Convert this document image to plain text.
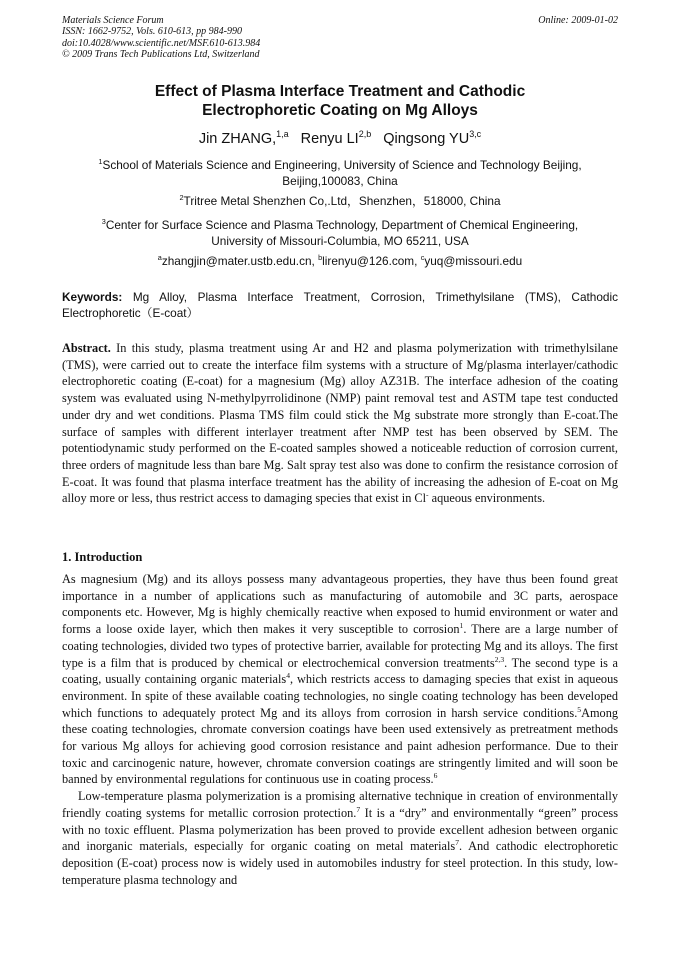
Materials Science Forum
ISSN: 1662-9752, Vols. 610-613, pp 984-990
doi:10.4028/www.scientific.net/MSF.610-613.984
© 2009 Trans Tech Publications Ltd, Switzerland
Online: 2009-01-02
Effect of Plasma Interface Treatment and Cathodic
Electrophoretic Coating on Mg Alloys
Jin ZHANG,$^{1,a}$ Renyu LI$^{2,b}$ Qingsong YU$^{3,c}$
$^1$School of Materials Science and Engineering, University of Science and Technology Beijing,
Beijing,100083, China
$^2$Tritree Metal Shenzhen Co,.Ltd，Shenzhen，518000, China
$^3$Center for Surface Science and Plasma Technology, Department of Chemical Engineering,
University of Missouri-Columbia, MO 65211, USA
$^a$zhangjin@mater.ustb.edu.cn, $^b$lirenyu@126.com, $^c$yuq@missouri.edu
Keywords: Mg Alloy, Plasma Interface Treatment, Corrosion, Trimethylsilane (TMS), Cathodic Electrophoretic（E-coat）

Abstract. In this study, plasma treatment using Ar and H2 and plasma polymerization with trimethylsilane (TMS), were carried out to create the interface film systems with a structure of Mg/plasma interlayer/cathodic electrophoretic coating (E-coat) for a magnesium (Mg) alloy AZ31B. The interface adhesion of the coating system was evaluated using N-methylpyrrolidinone (NMP) paint removal test and ASTM tape test conducted under dry and wet conditions. Plasma TMS film could stick the Mg substrate more strongly than E-coat.The surface of samples with different interlayer treatment after NMP test has been observed by SEM. The potentiodynamic study performed on the E-coated samples showed a noticeable reduction of corrosion current, three orders of magnitude less than bare Mg. Salt spray test also was done to confirm the resistance corrosion of E-coat. It was found that plasma interface treatment has the ability of increasing the adhesion of E-coat on Mg alloy more or less, thus restrict access to damaging species that exist in Cl- aqueous environments.

1. Introduction

As magnesium (Mg) and its alloys possess many advantageous properties, they have thus been found great importance in a number of applications such as manufacturing of automobile and 3C parts, aerospace components etc. However, Mg is highly chemically reactive when exposed to humid environment or water and forms a loose oxide layer, which then makes it very susceptible to corrosion$^1$. There are a large number of coating technologies, divided two types of protective barrier, available for protecting Mg and its alloys. The first type is a film that is produced by chemical or electrochemical conversion treatments$^{2,3}$. The second type is a coating, usually containing organic materials$^4$, which restricts access to damaging species that exist in aqueous environment. In spite of these available coating technologies, no single coating technology has been developed which functions to adequately protect Mg and its alloys from corrosion in harsh service conditions.$^5$Among these coating technologies, chromate conversion coatings have been used extensively as pretreatment methods for various Mg alloys for achieving good corrosion resistance and paint adhesion performance. Due to their toxic and carcinogenic nature, however, chromate conversion coatings are stringently limited and will soon be banned by environmental regulations for continuous use in coating process.$^6$

Low-temperature plasma polymerization is a promising alternative technique in creation of environmentally friendly coating systems for metallic corrosion protection.$^7$ It is a “dry” and environmentally “green” process with no toxic effluent. Plasma polymerization has been proved to provide excellent adhesion between organic and inorganic materials, especially for organic coating on metal materials$^7$. And cathodic electrophoretic deposition (E-coat) process now is widely used in automobiles industry for steel protection. In this study, low-temperature plasma technology and
